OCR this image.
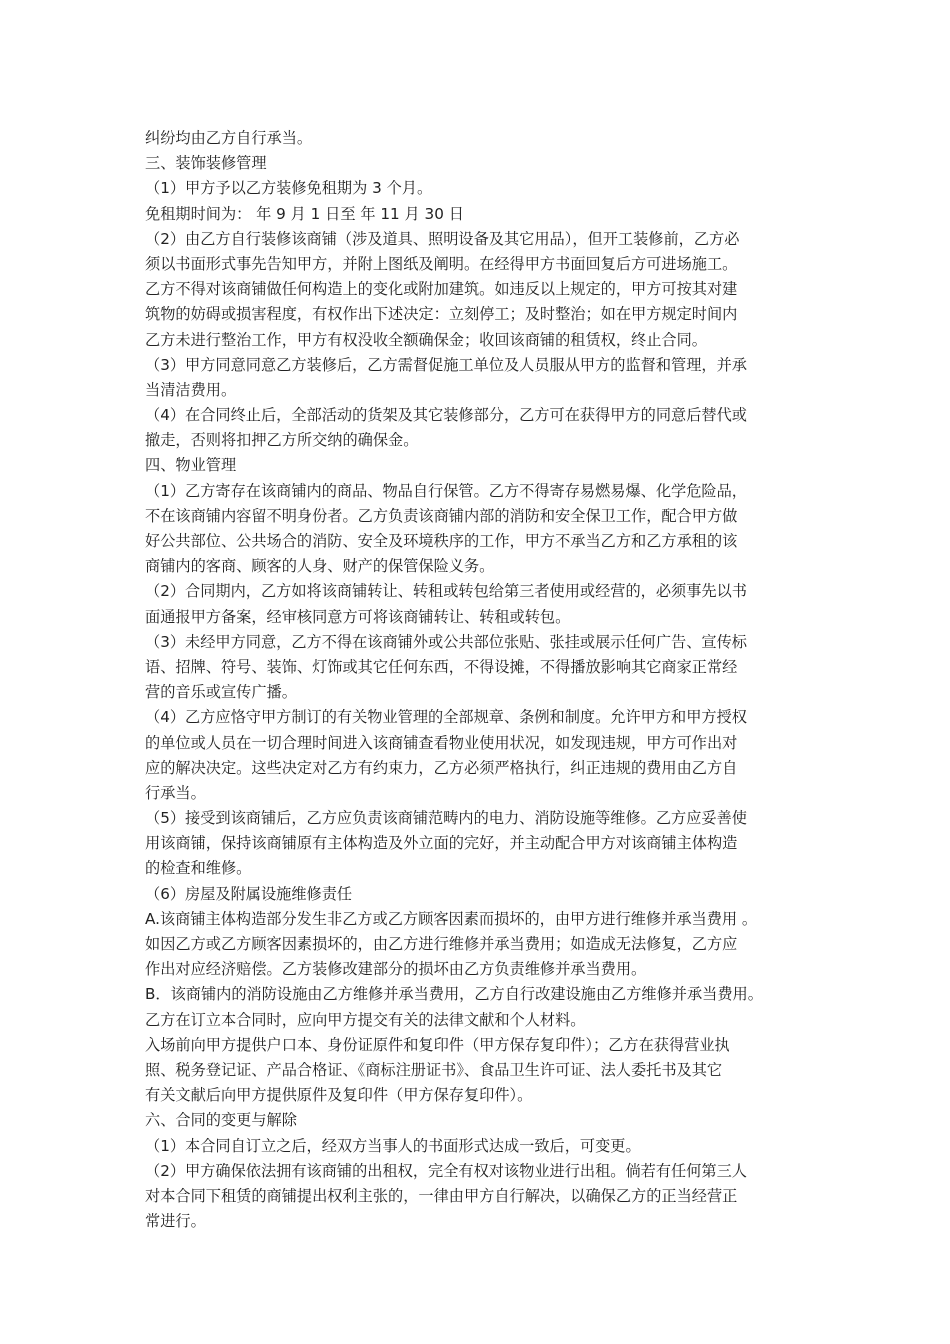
纠纷均由乙方自行承当。
三、装饰装修管理
（1）甲方予以乙方装修免租期为 3 个月。
免租期时间为： 年 9 月 1 日至 年 11 月 30 日
（2）由乙方自行装修该商铺（涉及道具、照明设备及其它用品），但开工装修前，乙方必
须以书面形式事先告知甲方，并附上图纸及阐明。在经得甲方书面回复后方可进场施工。
乙方不得对该商铺做任何构造上的变化或附加建筑。如违反以上规定的，甲方可按其对建
筑物的妨碍或损害程度，有权作出下述决定：立刻停工；及时整治；如在甲方规定时间内
乙方未进行整治工作，甲方有权没收全额确保金；收回该商铺的租赁权，终止合同。
（3）甲方同意同意乙方装修后，乙方需督促施工单位及人员服从甲方的监督和管理，并承
当清洁费用。
（4）在合同终止后，全部活动的货架及其它装修部分，乙方可在获得甲方的同意后替代或
撤走，否则将扣押乙方所交纳的确保金。
四、物业管理
（1）乙方寄存在该商铺内的商品、物品自行保管。乙方不得寄存易燃易爆、化学危险品，
不在该商铺内容留不明身份者。乙方负责该商铺内部的消防和安全保卫工作，配合甲方做
好公共部位、公共场合的消防、安全及环境秩序的工作，甲方不承当乙方和乙方承租的该
商铺内的客商、顾客的人身、财产的保管保险义务。
（2）合同期内，乙方如将该商铺转让、转租或转包给第三者使用或经营的，必须事先以书
面通报甲方备案，经审核同意方可将该商铺转让、转租或转包。
（3）未经甲方同意，乙方不得在该商铺外或公共部位张贴、张挂或展示任何广告、宣传标
语、招牌、符号、装饰、灯饰或其它任何东西，不得设摊，不得播放影响其它商家正常经
营的音乐或宣传广播。
（4）乙方应恪守甲方制订的有关物业管理的全部规章、条例和制度。允许甲方和甲方授权
的单位或人员在一切合理时间进入该商铺查看物业使用状况，如发现违规，甲方可作出对
应的解决决定。这些决定对乙方有约束力，乙方必须严格执行，纠正违规的费用由乙方自
行承当。
（5）接受到该商铺后，乙方应负责该商铺范畴内的电力、消防设施等维修。乙方应妥善使
用该商铺，保持该商铺原有主体构造及外立面的完好，并主动配合甲方对该商铺主体构造
的检查和维修。
（6）房屋及附属设施维修责任
A.该商铺主体构造部分发生非乙方或乙方顾客因素而损坏的，由甲方进行维修并承当费用 。
如因乙方或乙方顾客因素损坏的，由乙方进行维修并承当费用；如造成无法修复，乙方应
作出对应经济赔偿。乙方装修改建部分的损坏由乙方负责维修并承当费用。
B．该商铺内的消防设施由乙方维修并承当费用，乙方自行改建设施由乙方维修并承当费用。
乙方在订立本合同时，应向甲方提交有关的法律文献和个人材料。
入场前向甲方提供户口本、身份证原件和复印件（甲方保存复印件）；乙方在获得营业执
照、税务登记证、产品合格证、《商标注册证书》、食品卫生许可证、法人委托书及其它
有关文献后向甲方提供原件及复印件（甲方保存复印件）。
六、合同的变更与解除
（1）本合同自订立之后，经双方当事人的书面形式达成一致后，可变更。
（2）甲方确保依法拥有该商铺的出租权，完全有权对该物业进行出租。倘若有任何第三人
对本合同下租赁的商铺提出权利主张的，一律由甲方自行解决，以确保乙方的正当经营正
常进行。
